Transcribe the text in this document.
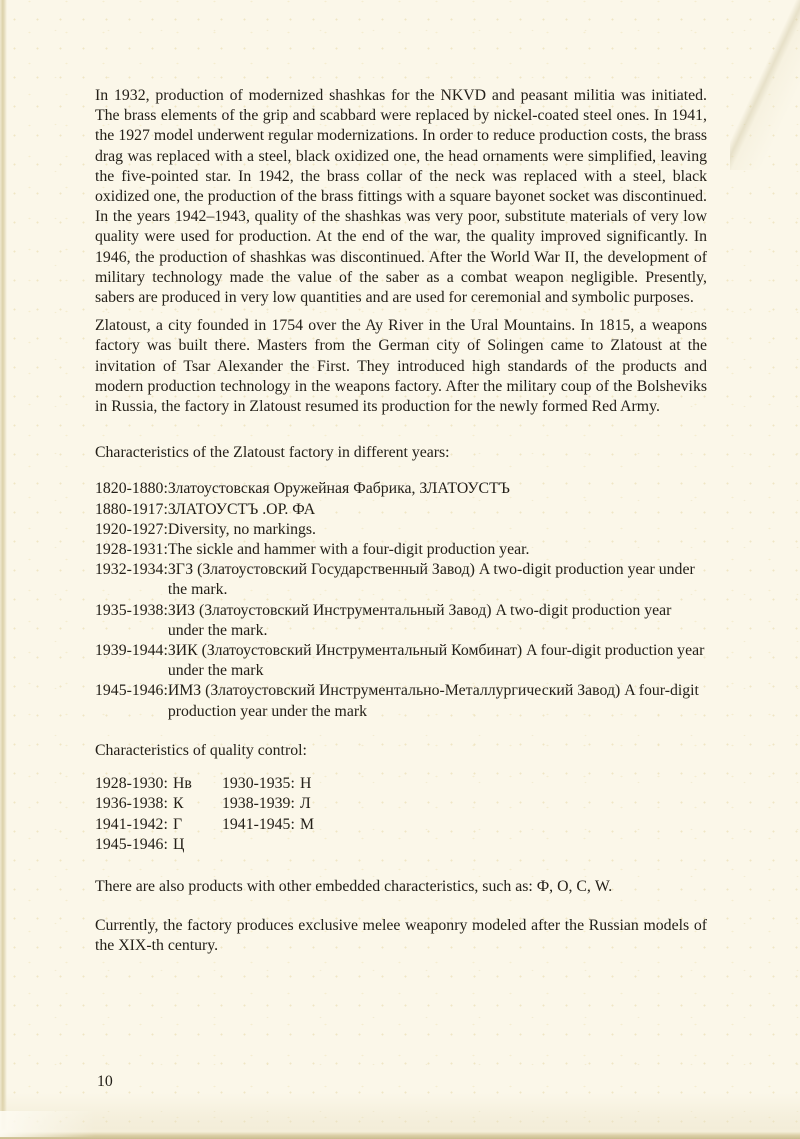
In 1932, production of modernized shashkas for the NKVD and peasant militia was initiated. The brass elements of the grip and scabbard were replaced by nickel-coated steel ones. In 1941, the 1927 model underwent regular modernizations. In order to reduce production costs, the brass drag was replaced with a steel, black oxidized one, the head ornaments were simplified, leaving the five-pointed star. In 1942, the brass collar of the neck was replaced with a steel, black oxidized one, the production of the brass fittings with a square bayonet socket was discontinued. In the years 1942–1943, quality of the shashkas was very poor, substitute materials of very low quality were used for production. At the end of the war, the quality improved significantly. In 1946, the production of shashkas was discontinued. After the World War II, the development of military technology made the value of the saber as a combat weapon negligible. Presently, sabers are produced in very low quantities and are used for ceremonial and symbolic purposes.

Zlatoust, a city founded in 1754 over the Ay River in the Ural Mountains. In 1815, a weapons factory was built there. Masters from the German city of Solingen came to Zlatoust at the invitation of Tsar Alexander the First. They introduced high standards of the products and modern production technology in the weapons factory. After the military coup of the Bolsheviks in Russia, the factory in Zlatoust resumed its production for the newly formed Red Army.

Characteristics of the Zlatoust factory in different years:
1820-1880: Златоустовская Оружейная Фабрика, ЗЛАТОУСТЪ
1880-1917: ЗЛАТОУСТЪ .ОР. ФА
1920-1927: Diversity, no markings.
1928-1931: The sickle and hammer with a four-digit production year.
1932-1934: ЗГЗ (Златоустовский Государственный Завод) A two-digit production year under the mark.
1935-1938: ЗИЗ (Златоустовский Инструментальный Завод) A two-digit production year under the mark.
1939-1944: ЗИК (Златоустовский Инструментальный Комбинат) A four-digit production year under the mark
1945-1946: ИМЗ (Златоустовский Инструментально-Металлургический Завод) A four-digit production year under the mark
Characteristics of quality control:
1928-1930: Нв
1936-1938: К
1941-1942: Г
1945-1946: Ц
1930-1935: Н
1938-1939: Л
1941-1945: М

There are also products with other embedded characteristics, such as: Ф, О, С, W.

Currently, the factory produces exclusive melee weaponry modeled after the Russian models of the XIX-th century.

10
